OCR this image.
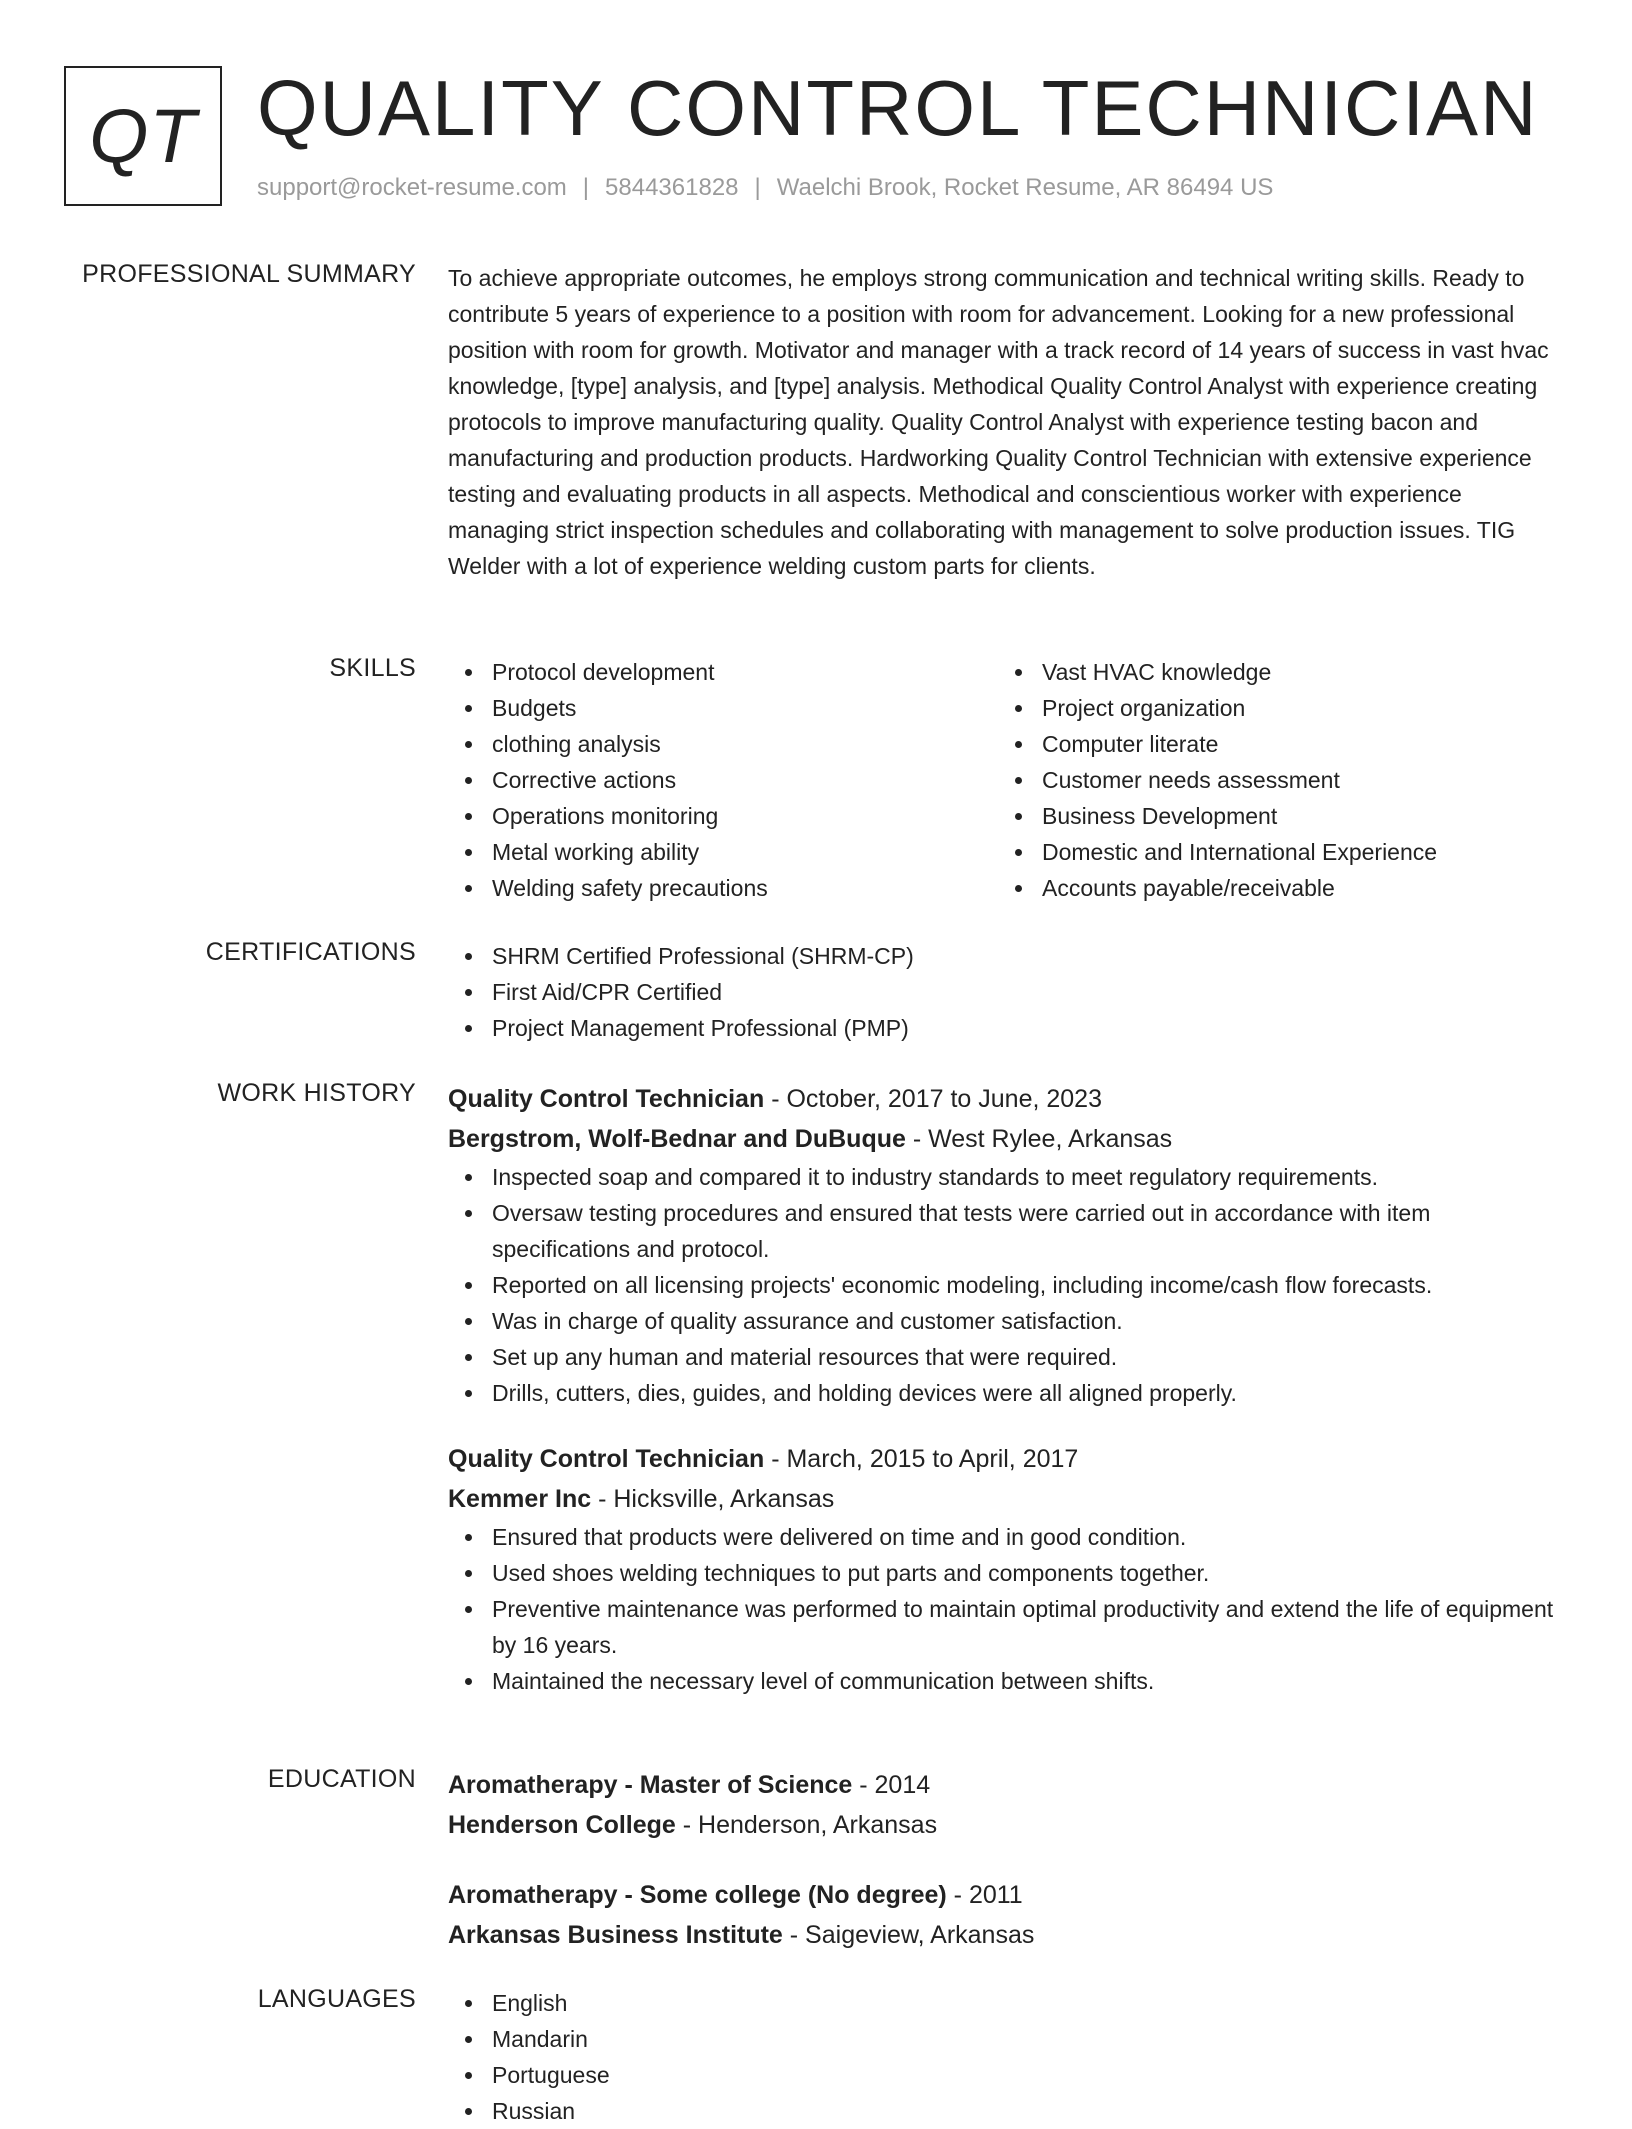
QT QUALITY CONTROL TECHNICIAN
support@rocket-resume.com | 5844361828 | Waelchi Brook, Rocket Resume, AR 86494 US
PROFESSIONAL SUMMARY To achieve appropriate outcomes, he employs strong communication and technical writing skills. Ready to contribute 5 years of experience to a position with room for advancement. Looking for a new professional position with room for growth. Motivator and manager with a track record of 14 years of success in vast hvac knowledge, [type] analysis, and [type] analysis. Methodical Quality Control Analyst with experience creating protocols to improve manufacturing quality. Quality Control Analyst with experience testing bacon and manufacturing and production products. Hardworking Quality Control Technician with extensive experience testing and evaluating products in all aspects. Methodical and conscientious worker with experience managing strict inspection schedules and collaborating with management to solve production issues. TIG Welder with a lot of experience welding custom parts for clients.

SKILLS	Protocol development
Budgets
clothing analysis
Corrective actions
Operations monitoring
Metal working ability
Welding safety precautions
Vast HVAC knowledge
Project organization
Computer literate
Customer needs assessment
Business Development
Domestic and International Experience
Accounts payable/receivable
CERTIFICATIONS	SHRM Certified Professional (SHRM-CP)
First Aid/CPR Certified
Project Management Professional (PMP)
WORK HISTORY Quality Control Technician - October, 2017 to June, 2023
Bergstrom, Wolf-Bednar and DuBuque - West Rylee, Arkansas
Inspected soap and compared it to industry standards to meet regulatory requirements.
Oversaw testing procedures and ensured that tests were carried out in accordance with item specifications and protocol.
Reported on all licensing projects' economic modeling, including income/cash flow forecasts.
Was in charge of quality assurance and customer satisfaction.
Set up any human and material resources that were required.
Drills, cutters, dies, guides, and holding devices were all aligned properly.
Quality Control Technician - March, 2015 to April, 2017
Kemmer Inc - Hicksville, Arkansas
Ensured that products were delivered on time and in good condition.
Used shoes welding techniques to put parts and components together.
Preventive maintenance was performed to maintain optimal productivity and extend the life of equipment by 16 years.
Maintained the necessary level of communication between shifts.
EDUCATION Aromatherapy - Master of Science - 2014
Henderson College - Henderson, Arkansas
Aromatherapy - Some college (No degree) - 2011
Arkansas Business Institute - Saigeview, Arkansas
LANGUAGES	English
Mandarin
Portuguese
Russian
